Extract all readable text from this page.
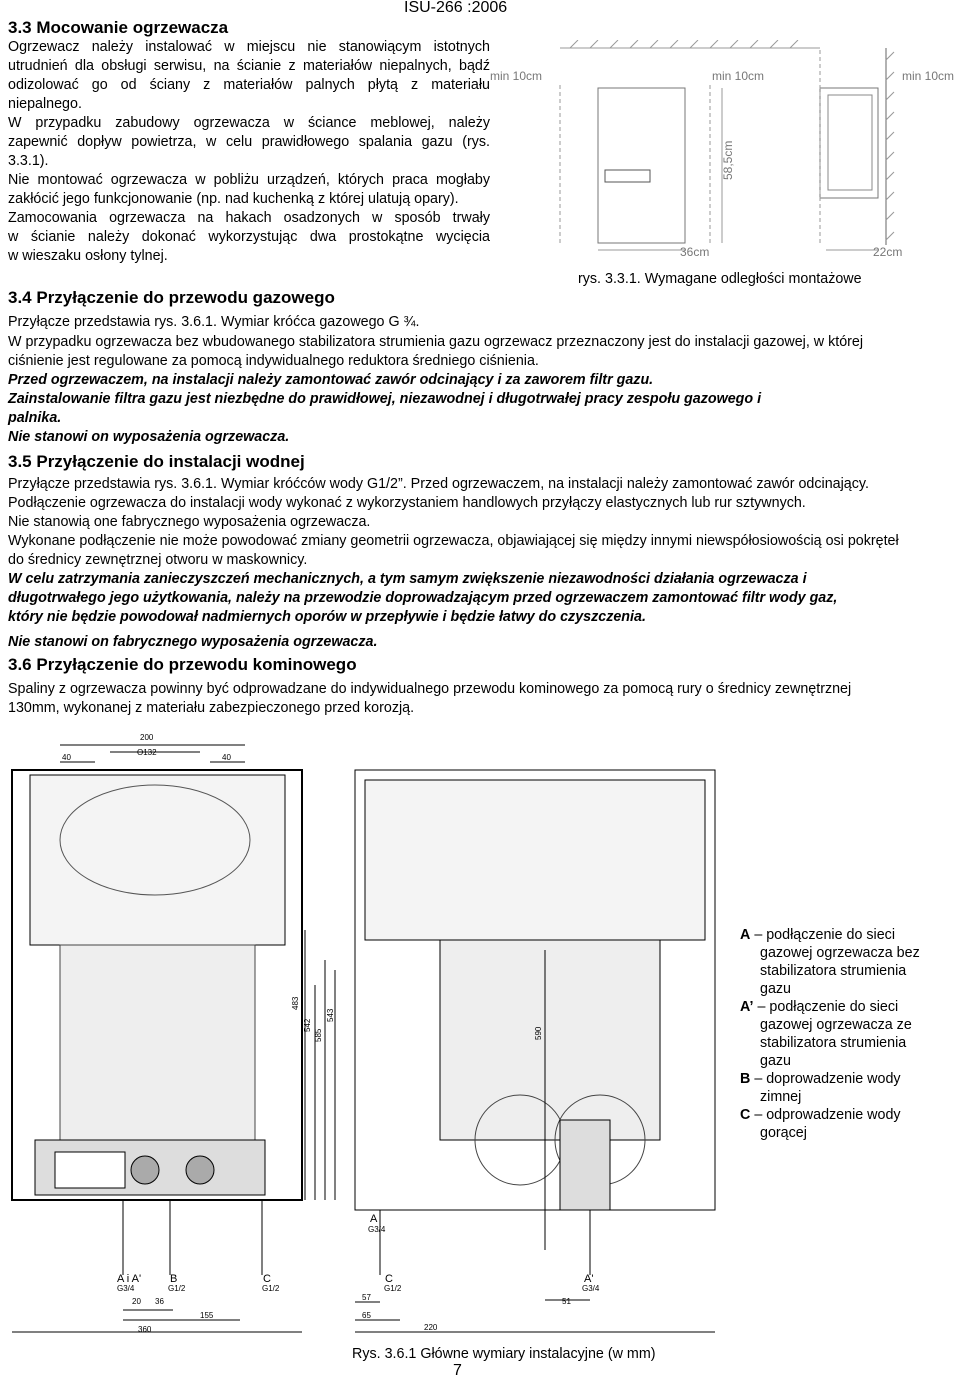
ISU-266 :2006
3.3 Mocowanie ogrzewacza
Ogrzewacz należy instalować w miejscu nie stanowiącym istotnych
utrudnień dla obsługi serwisu, na ścianie z materiałów niepalnych, bądź
odizolować go od ściany z materiałów palnych płytą z materiału
niepalnego.
W przypadku zabudowy ogrzewacza w ściance meblowej, należy
zapewnić dopływ powietrza, w celu prawidłowego spalania gazu (rys.
3.3.1).
Nie montować ogrzewacza w pobliżu urządzeń, których praca mogłaby
zakłócić jego funkcjonowanie (np. nad kuchenką z której ulatują opary).
Zamocowania ogrzewacza na hakach osadzonych w sposób trwały
w ścianie należy dokonać wykorzystując dwa prostokątne wycięcia
w wieszaku osłony tylnej.
min 10cm	min 10cm	min 10cm
58,5cm
36cm	22cm
rys. 3.3.1. Wymagane odległości montażowe
3.4 Przyłączenie do przewodu gazowego
Przyłącze przedstawia rys. 3.6.1. Wymiar króćca gazowego G ¾.
W przypadku ogrzewacza bez wbudowanego stabilizatora strumienia gazu ogrzewacz przeznaczony jest do instalacji gazowej, w której
ciśnienie jest regulowane za pomocą indywidualnego reduktora średniego ciśnienia.
Przed ogrzewaczem, na instalacji należy zamontować zawór odcinający i za zaworem filtr gazu.
Zainstalowanie filtra gazu jest niezbędne do prawidłowej, niezawodnej i długotrwałej pracy zespołu gazowego i
palnika.
Nie stanowi on wyposażenia ogrzewacza.
3.5 Przyłączenie do instalacji wodnej
Przyłącze przedstawia rys. 3.6.1. Wymiar króćców wody G1/2”. Przed ogrzewaczem, na instalacji należy zamontować zawór odcinający.
Podłączenie ogrzewacza do instalacji wody wykonać z wykorzystaniem handlowych przyłączy elastycznych lub rur sztywnych.
Nie stanowią one fabrycznego wyposażenia ogrzewacza.
Wykonane podłączenie nie może powodować zmiany geometrii ogrzewacza, objawiającej się między innymi niewspółosiowością osi pokręteł
do średnicy zewnętrznej otworu w maskownicy.
W celu zatrzymania zanieczyszczeń mechanicznych, a tym samym zwiększenie niezawodności działania ogrzewacza i
długotrwałego jego użytkowania, należy na przewodzie doprowadzającym przed ogrzewaczem zamontować filtr wody gaz,
który nie będzie powodował nadmiernych oporów w przepływie i będzie łatwy do czyszczenia.
Nie stanowi on fabrycznego wyposażenia ogrzewacza.
3.6 Przyłączenie do przewodu kominowego
Spaliny z ogrzewacza powinny być odprowadzane do indywidualnego przewodu kominowego za pomocą rury o średnicy zewnętrznej
130mm, wykonanej z materiału zabezpieczonego przed korozją.
200
O132
40	40
483
542
585
543
590
20 36
155
360
57
65
220
51
G3/4	G1/2	G1/2
G3/4
G1/2	G3/4
A i A'	B	C
A
C	A'

A – podłączenie do sieci

gazowej ogrzewacza bez

stabilizatora strumienia

gazu

A’ – podłączenie do sieci

gazowej ogrzewacza ze

stabilizatora strumienia

gazu

B – doprowadzenie wody

zimnej

C – odprowadzenie wody

gorącej

Rys. 3.6.1 Główne wymiary instalacyjne (w mm)
7
